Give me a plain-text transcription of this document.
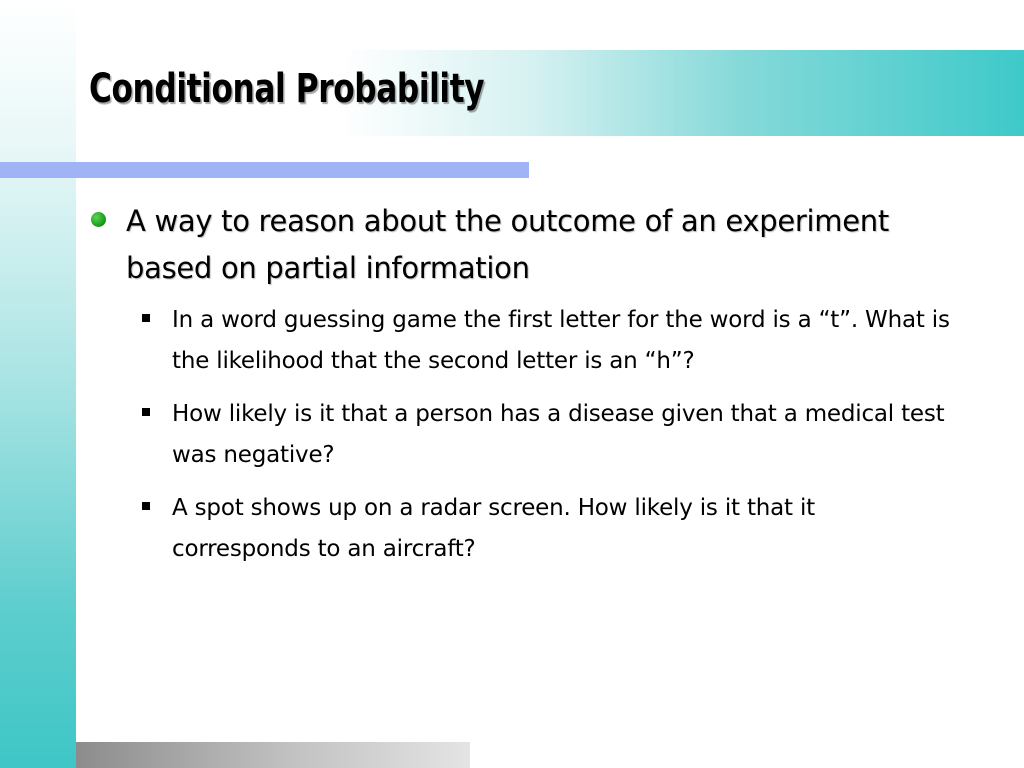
Conditional Probability
A way to reason about the outcome of an experiment based on partial information
In a word guessing game the first letter for the word is a “t”. What is the likelihood that the second letter is an “h”?
How likely is it that a person has a disease given that a medical test was negative?
A spot shows up on a radar screen. How likely is it that it corresponds to an aircraft?
